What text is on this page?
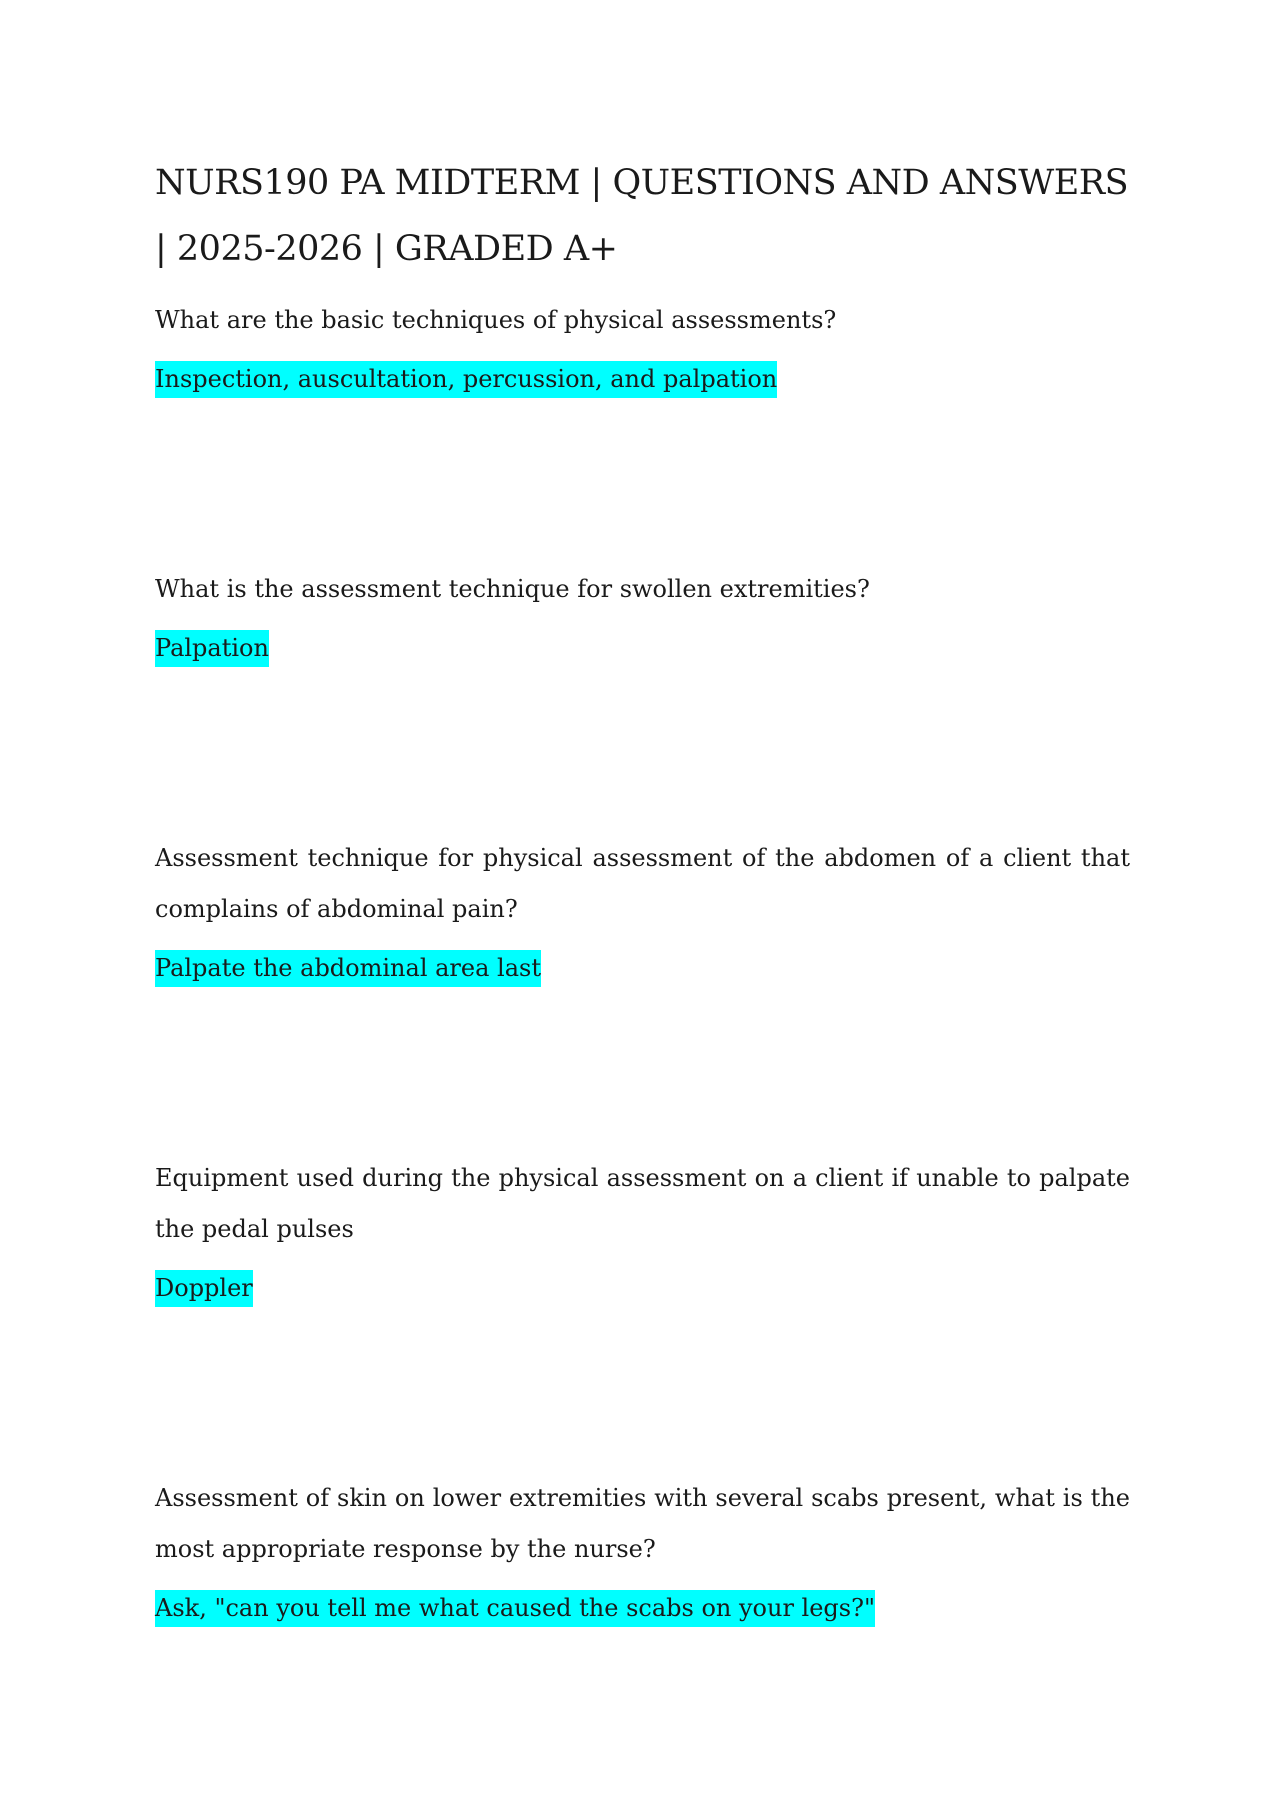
NURS190 PA MIDTERM | QUESTIONS AND ANSWERS | 2025-2026 | GRADED A+

What are the basic techniques of physical assessments?

Inspection, auscultation, percussion, and palpation

What is the assessment technique for swollen extremities?

Palpation

Assessment technique for physical assessment of the abdomen of a client that complains of abdominal pain?

Palpate the abdominal area last

Equipment used during the physical assessment on a client if unable to palpate the pedal pulses

Doppler

Assessment of skin on lower extremities with several scabs present, what is the most appropriate response by the nurse?

Ask, "can you tell me what caused the scabs on your legs?"
